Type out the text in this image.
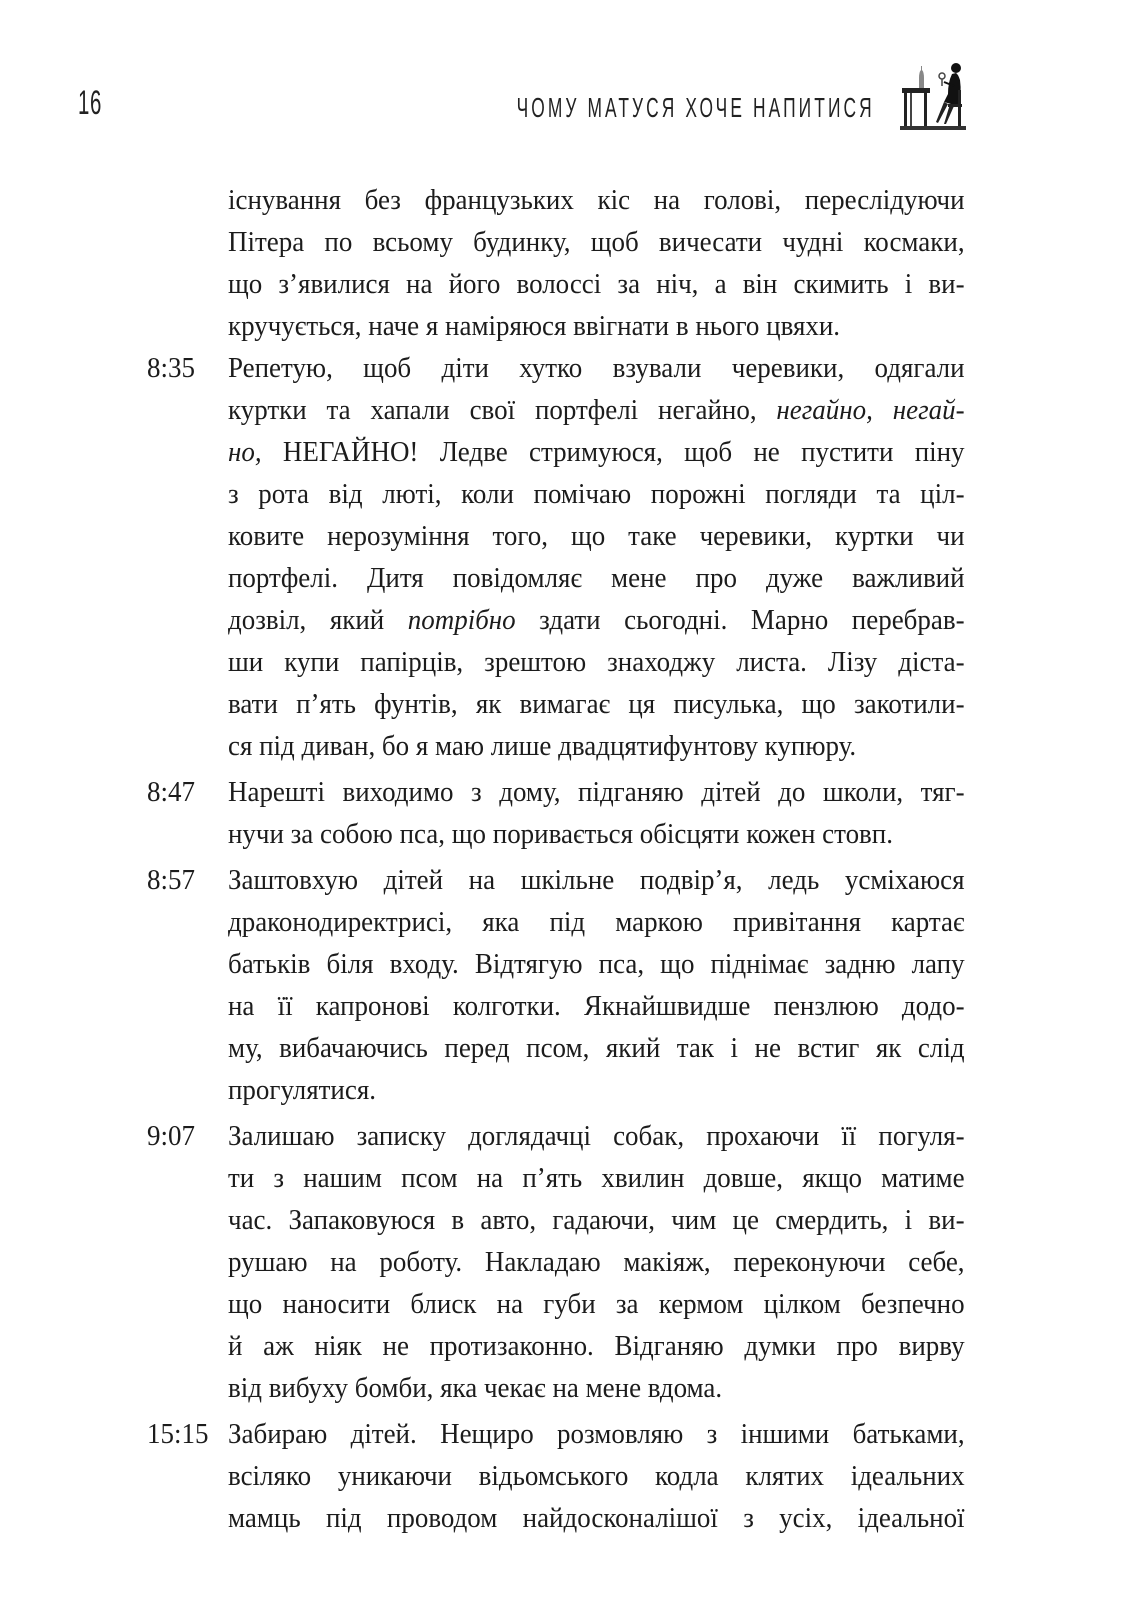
16	ЧОМУ МАТУСЯ ХОЧЕ НАПИТИСЯ
існування без французьких кіс на голові, переслідуючи
Пітера по всьому будинку, щоб вичесати чудні космаки,
що з’явилися на його волоссі за ніч, а він скимить і ви-
кручується, наче я наміряюся ввігнати в нього цвяхи.
8:35 Репетую, щоб діти хутко взували черевики, одягали
куртки та хапали свої портфелі негайно, негайно, негай-
но, НЕГАЙНО! Ледве стримуюся, щоб не пустити піну
з рота від люті, коли помічаю порожні погляди та ціл-
ковите нерозуміння того, що таке черевики, куртки чи
портфелі. Дитя повідомляє мене про дуже важливий
дозвіл, який потрібно здати сьогодні. Марно перебрав-
ши купи папірців, зрештою знаходжу листа. Лізу діста-
вати п’ять фунтів, як вимагає ця писулька, що закотили-
ся під диван, бо я маю лише двадцятифунтову купюру.
8:47 Нарешті виходимо з дому, підганяю дітей до школи, тяг-
нучи за собою пса, що поривається обісцяти кожен стовп.
8:57 Заштовхую дітей на шкільне подвір’я, ледь усміхаюся
драконодиректрисі, яка під маркою привітання картає
батьків біля входу. Відтягую пса, що піднімає задню лапу
на її капронові колготки. Якнайшвидше пензлюю додо-
му, вибачаючись перед псом, який так і не встиг як слід
прогулятися.
9:07 Залишаю записку доглядачці собак, прохаючи її погуля-
ти з нашим псом на п’ять хвилин довше, якщо матиме
час. Запаковуюся в авто, гадаючи, чим це смердить, і ви-
рушаю на роботу. Накладаю макіяж, переконуючи себе,
що наносити блиск на губи за кермом цілком безпечно
й аж ніяк не протизаконно. Відганяю думки про вирву
від вибуху бомби, яка чекає на мене вдома.
15:15 Забираю дітей. Нещиро розмовляю з іншими батьками,
всіляко уникаючи відьомського кодла клятих ідеальних
мамць під проводом найдосконалішої з усіх, ідеальної
